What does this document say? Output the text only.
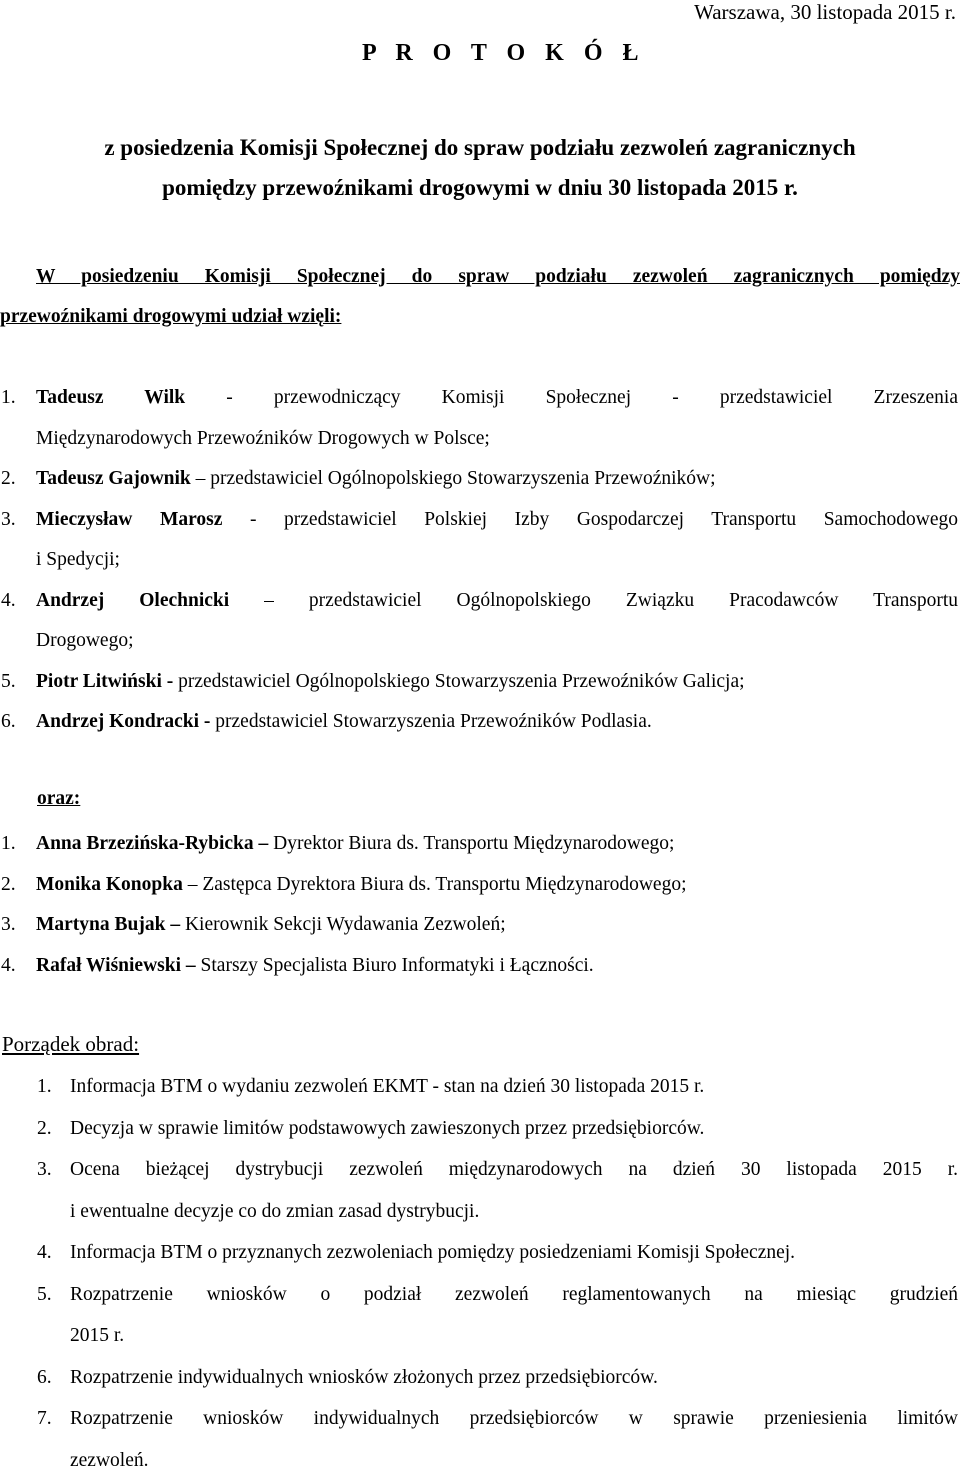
Warszawa, 30 listopada 2015 r.
P R O T O K Ó Ł
z posiedzenia Komisji Społecznej do spraw podziału zezwoleń zagranicznych
pomiędzy przewoźnikami drogowymi w dniu 30 listopada 2015 r.
W posiedzeniu Komisji Społecznej do spraw podziału zezwoleń zagranicznych pomiędzy
przewoźnikami drogowymi udział wzięli:
1. Tadeusz Wilk - przewodniczący Komisji Społecznej - przedstawiciel Zrzeszenia
Międzynarodowych Przewoźników Drogowych w Polsce;
2. Tadeusz Gajownik – przedstawiciel Ogólnopolskiego Stowarzyszenia Przewoźników;
3. Mieczysław Marosz - przedstawiciel Polskiej Izby Gospodarczej Transportu Samochodowego
i Spedycji;
4. Andrzej Olechnicki – przedstawiciel Ogólnopolskiego Związku Pracodawców Transportu
Drogowego;
5. Piotr Litwiński - przedstawiciel Ogólnopolskiego Stowarzyszenia Przewoźników Galicja;
6. Andrzej Kondracki - przedstawiciel Stowarzyszenia Przewoźników Podlasia.
oraz:
1. Anna Brzezińska-Rybicka – Dyrektor Biura ds. Transportu Międzynarodowego;
2. Monika Konopka – Zastępca Dyrektora Biura ds. Transportu Międzynarodowego;
3. Martyna Bujak – Kierownik Sekcji Wydawania Zezwoleń;
4. Rafał Wiśniewski – Starszy Specjalista Biuro Informatyki i Łączności.
Porządek obrad:
1. Informacja BTM o wydaniu zezwoleń EKMT - stan na dzień 30 listopada 2015 r.
2. Decyzja w sprawie limitów podstawowych zawieszonych przez przedsiębiorców.
3. Ocena bieżącej dystrybucji zezwoleń międzynarodowych na dzień 30 listopada 2015 r.
i ewentualne decyzje co do zmian zasad dystrybucji.
4. Informacja BTM o przyznanych zezwoleniach pomiędzy posiedzeniami Komisji Społecznej.
5. Rozpatrzenie wniosków o podział zezwoleń reglamentowanych na miesiąc grudzień
2015 r.
6. Rozpatrzenie indywidualnych wniosków złożonych przez przedsiębiorców.
7. Rozpatrzenie wniosków indywidualnych przedsiębiorców w sprawie przeniesienia limitów
zezwoleń.
